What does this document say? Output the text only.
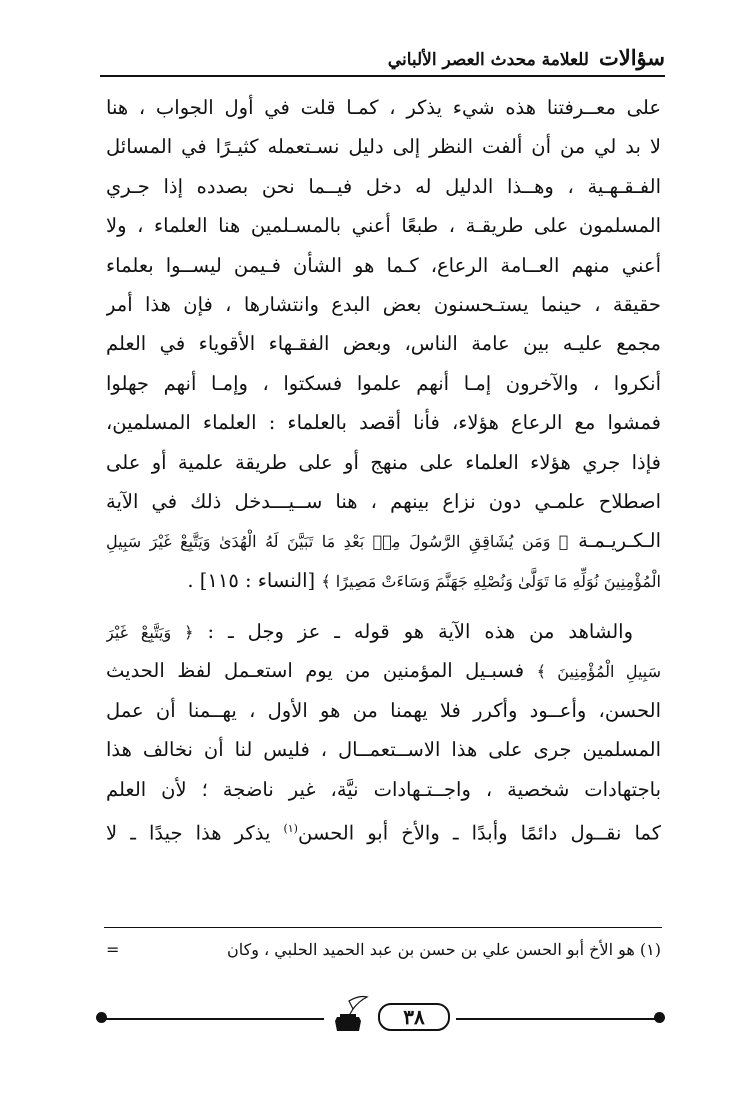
سؤالات
للعلامة محدث العصر الألباني
على معــرفتنا هذه شيء يذكر ، كمـا قلت في أول الجواب ، هنا
لا بد لي من أن ألفت النظر إلى دليل نسـتعمله كثيـرًا في المسائل
الفـقـهـية ، وهــذا الدليل له دخل فيــما نحن بصدده إذا جـري
المسلمون على طريقـة ، طبعًا أعني بالمسـلمين هنا العلماء ، ولا
أعني منهم العــامة الرعاع، كـما هو الشأن فـيمن ليســوا بعلماء
حقيقة ، حينما يستـحسنون بعض البدع وانتشارها ، فإن هذا أمر
مجمع عليـه بين عامة الناس، وبعض الفقـهاء الأقوياء في العلم
أنكروا ، والآخرون إمـا أنهم علموا فسكتوا ، وإمـا أنهم جهلوا
فمشوا مع الرعاع هؤلاء، فأنا أقصد بالعلماء : العلماء المسلمين،
فإذا جري هؤلاء العلماء على منهج أو على طريقة علمية أو على
اصطلاح علمـي دون نزاع بينهم ، هنا ســيـــدخل ذلك في الآية
الـكـريـمـة ﴿ وَمَن يُشَاقِقِ الرَّسُولَ مِنۢ بَعْدِ مَا تَبَيَّنَ لَهُ الْهُدَىٰ وَيَتَّبِعْ غَيْرَ سَبِيلِ
الْمُؤْمِنِينَ نُوَلِّهِ مَا تَوَلَّىٰ وَنُصْلِهِ جَهَنَّمَ وَسَاءَتْ مَصِيرًا ﴾ [النساء : ١١٥] .
والشاهد من هذه الآية هو قوله ـ عز وجل ـ : ﴿ وَيَتَّبِعْ غَيْرَ
سَبِيلِ الْمُؤْمِنِينَ ﴾ فسبـيل المؤمنين من يوم استعـمل لفظ الحديث
الحسن، وأعــود وأكرر فلا يهمنا من هو الأول ، يهــمنا أن عمل
المسلمين جرى على هذا الاســتعمــال ، فليس لنا أن نخالف هذا
باجتهادات شخصية ، واجــتـهادات نيَّة، غير ناضجة ؛ لأن العلم
كما نقــول دائمًا وأبدًا ـ والأخ أبو الحسن$^{(١)}$ يذكر هذا جيدًا ـ لا
(١) هو الأخ أبو الحسن علي بن حسن بن عبد الحميد الحلبي ، وكان
=
٣٨
